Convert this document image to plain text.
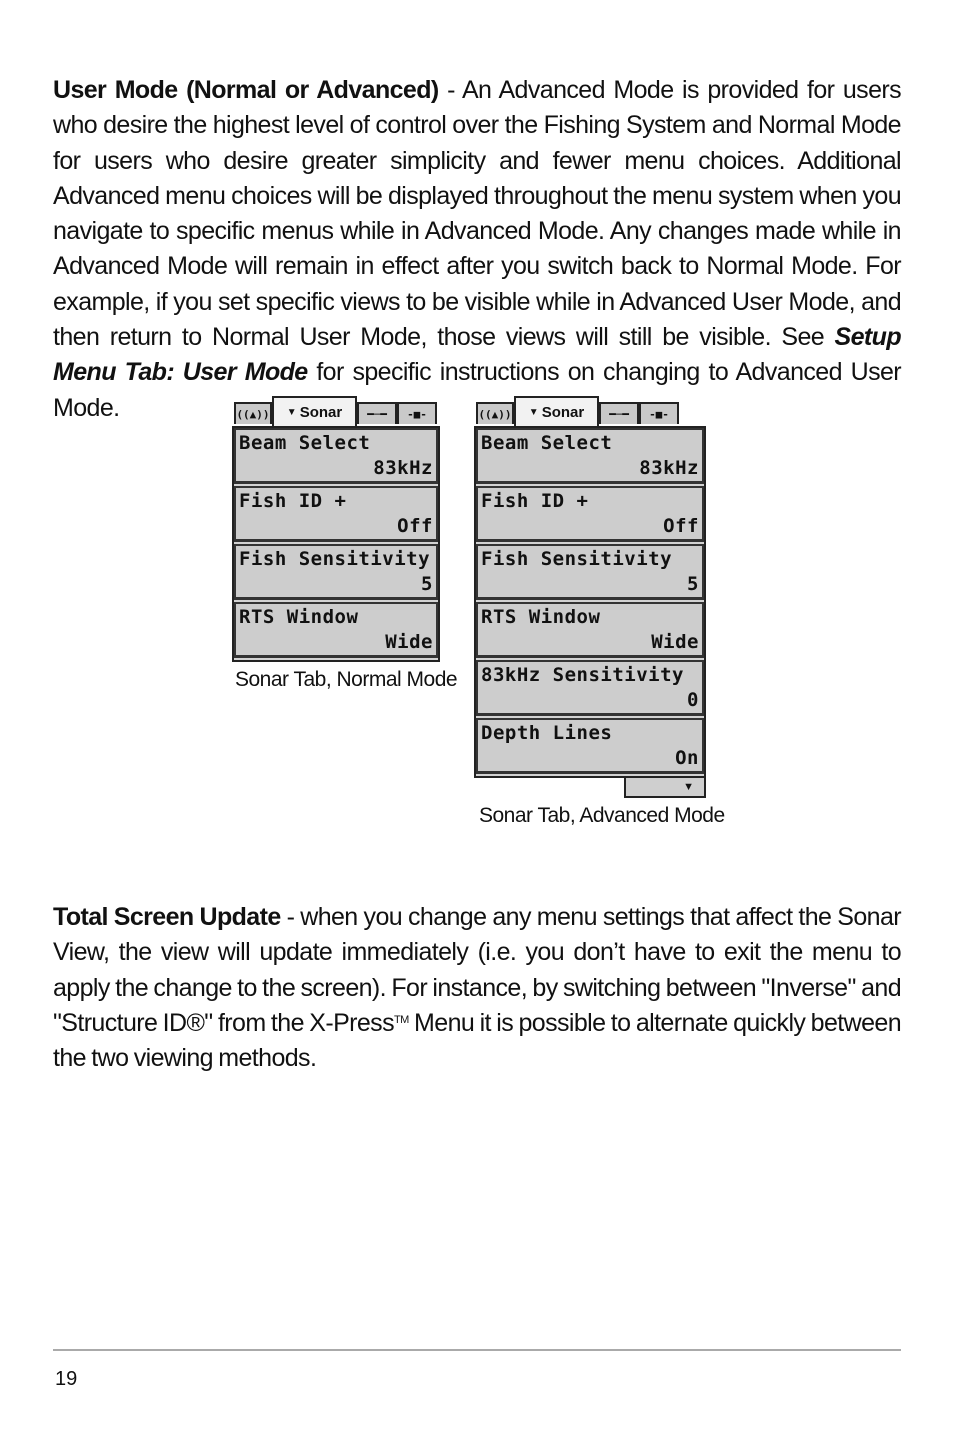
User Mode (Normal or Advanced) - An Advanced Mode is provided for users who desire the highest level of control over the Fishing System and Normal Mode for users who desire greater simplicity and fewer menu choices. Additional Advanced menu choices will be displayed throughout the menu system when you navigate to specific menus while in Advanced Mode. Any changes made while in Advanced Mode will remain in effect after you switch back to Normal Mode. For example, if you set specific views to be visible while in Advanced User Mode, and then return to Normal User Mode, those views will still be visible. See Setup Menu Tab: User Mode for specific instructions on changing to Advanced User Mode.	((▲)) ▼ Sonar ━─━ -■-
Beam Select
83kHz
Fish ID +
Off
Fish Sensitivity
5
RTS Window
Wide
Sonar Tab, Normal Mode
((▲)) ▼ Sonar ━─━ -■-
Beam Select
83kHz
Fish ID +
Off
Fish Sensitivity
5
RTS Window
Wide
83kHz Sensitivity
0
Depth Lines
On
▼
Sonar Tab, Advanced Mode

Total Screen Update - when you change any menu settings that affect the Sonar View, the view will update immediately (i.e. you don’t have to exit the menu to apply the change to the screen). For instance, by switching between "Inverse" and "Structure ID®" from the X-Press™ Menu it is possible to alternate quickly between the two viewing methods.

19
